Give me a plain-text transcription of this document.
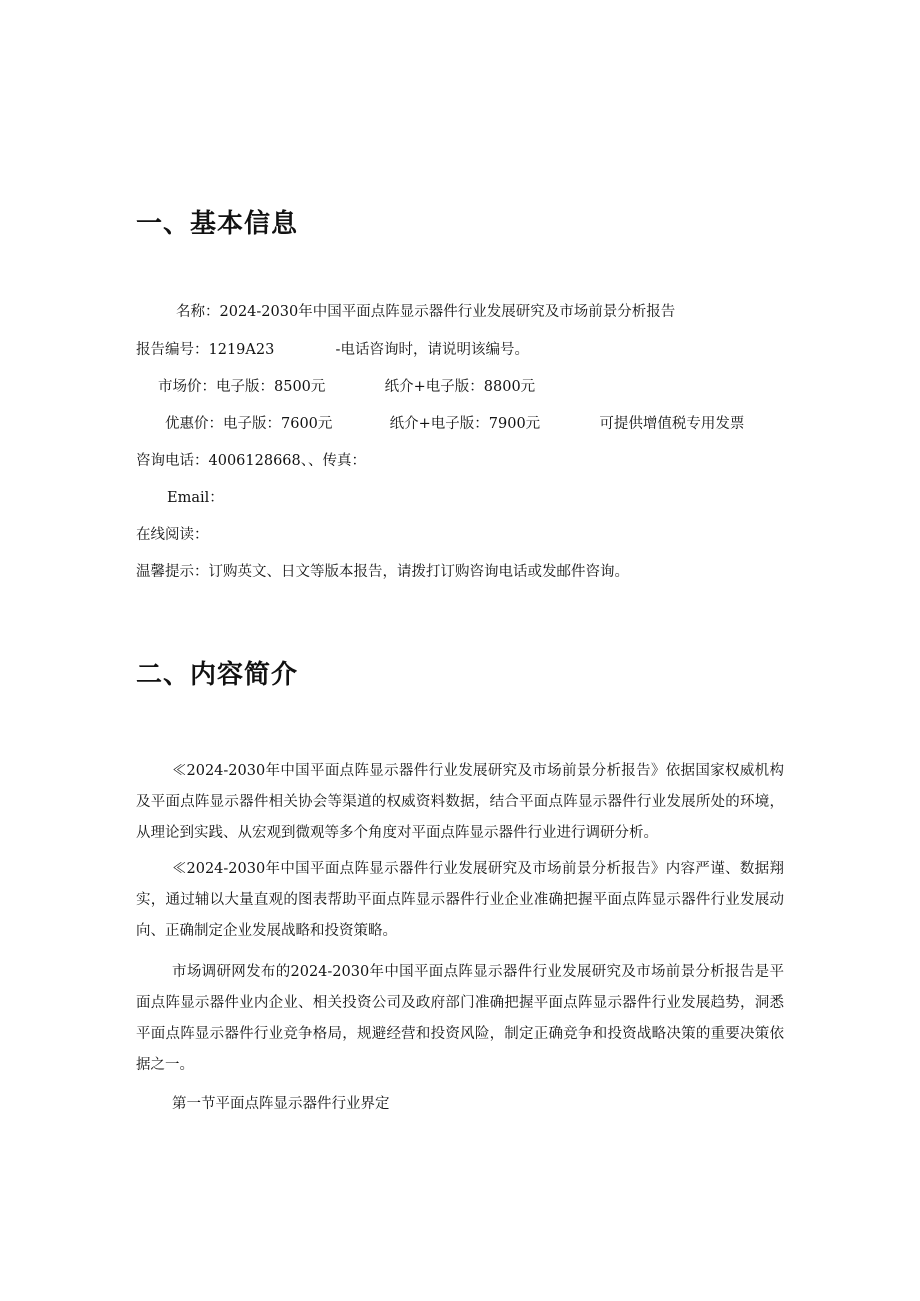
一、基本信息
名称：2024-2030年中国平面点阵显示器件行业发展研究及市场前景分析报告
报告编号：1219A23	-电话咨询时，请说明该编号。
市场价：电子版：8500元	纸介+电子版：8800元
优惠价：电子版：7600元	纸介+电子版：7900元	可提供增值税专用发票
咨询电话：4006128668、、传真：
Email：
在线阅读：
温馨提示：订购英文、日文等版本报告，请拨打订购咨询电话或发邮件咨询。
二、内容简介

≪2024-2030年中国平面点阵显示器件行业发展研究及市场前景分析报告》依据国家权威机构及平面点阵显示器件相关协会等渠道的权威资料数据，结合平面点阵显示器件行业发展所处的环境，从理论到实践、从宏观到微观等多个角度对平面点阵显示器件行业进行调研分析。

≪2024-2030年中国平面点阵显示器件行业发展研究及市场前景分析报告》内容严谨、数据翔实，通过辅以大量直观的图表帮助平面点阵显示器件行业企业准确把握平面点阵显示器件行业发展动向、正确制定企业发展战略和投资策略。

市场调研网发布的2024-2030年中国平面点阵显示器件行业发展研究及市场前景分析报告是平面点阵显示器件业内企业、相关投资公司及政府部门准确把握平面点阵显示器件行业发展趋势，洞悉平面点阵显示器件行业竞争格局，规避经营和投资风险，制定正确竞争和投资战略决策的重要决策依据之一。

第一节平面点阵显示器件行业界定
